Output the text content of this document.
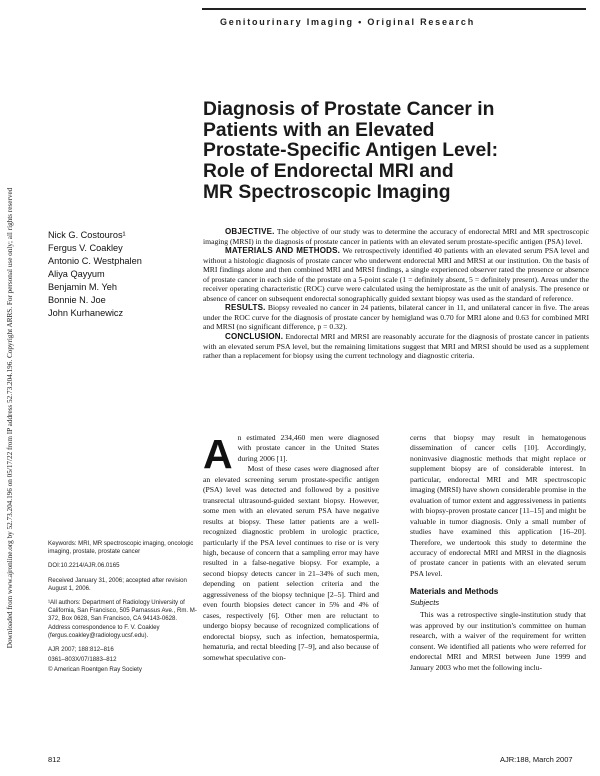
Genitourinary Imaging • Original Research
Downloaded from www.ajronline.org by 52.73.204.196 on 05/17/22 from IP address 52.73.204.196. Copyright ARRS. For personal use only; all rights reserved
Diagnosis of Prostate Cancer in
Patients with an Elevated
Prostate-Specific Antigen Level:
Role of Endorectal MRI and
MR Spectroscopic Imaging
Nick G. Costouros¹
Fergus V. Coakley
Antonio C. Westphalen
Aliya Qayyum
Benjamin M. Yeh
Bonnie N. Joe
John Kurhanewicz

OBJECTIVE. The objective of our study was to determine the accuracy of endorectal MRI and MR spectroscopic imaging (MRSI) in the diagnosis of prostate cancer in patients with an elevated serum prostate-specific antigen (PSA) level.

MATERIALS AND METHODS. We retrospectively identified 40 patients with an elevated serum PSA level and without a histologic diagnosis of prostate cancer who underwent endorectal MRI and MRSI at our institution. On the basis of MRI findings alone and then combined MRI and MRSI findings, a single experienced observer rated the presence or absence of prostate cancer in each side of the prostate on a 5-point scale (1 = definitely absent, 5 = definitely present). Areas under the receiver operating characteristic (ROC) curve were calculated using the hemiprostate as the unit of analysis. The presence or absence of cancer on subsequent endorectal sonographically guided sextant biopsy was used as the standard of reference.

RESULTS. Biopsy revealed no cancer in 24 patients, bilateral cancer in 11, and unilateral cancer in five. The areas under the ROC curve for the diagnosis of prostate cancer by hemigland was 0.70 for MRI alone and 0.63 for combined MRI and MRSI (no significant difference, p = 0.32).

CONCLUSION. Endorectal MRI and MRSI are reasonably accurate for the diagnosis of prostate cancer in patients with an elevated serum PSA level, but the remaining limitations suggest that MRI and MRSI should be used as a supplement rather than a replacement for biopsy using the current technology and diagnostic criteria.

Keywords: MRI, MR spectroscopic imaging, oncologic imaging, prostate, prostate cancer

DOI:10.2214/AJR.06.0165

Received January 31, 2006; accepted after revision August 1, 2006.

¹All authors: Department of Radiology University of California, San Francisco, 505 Parnassus Ave., Rm. M-372, Box 0628, San Francisco, CA 94143-0628. Address correspondence to F. V. Coakley (fergus.coakley@radiology.ucsf.edu).

AJR 2007; 188:812–816

0361–803X/07/1883–812

© American Roentgen Ray Society

An estimated 234,460 men were diagnosed with prostate cancer in the United States during 2006 [1].

Most of these cases were diagnosed after an elevated screening serum prostate-specific antigen (PSA) level was detected and followed by a positive transrectal ultrasound-guided sextant biopsy. However, some men with an elevated serum PSA have negative results at biopsy. These latter patients are a well-recognized diagnostic problem in urologic practice, particularly if the PSA level continues to rise or is very high, because of concern that a sampling error may have resulted in a false-negative biopsy. For example, a second biopsy detects cancer in 21–34% of such men, depending on patient selection criteria and the aggressiveness of the biopsy technique [2–5]. Third and even fourth biopsies detect cancer in 5% and 4% of cases, respectively [6]. Other men are reluctant to undergo biopsy because of recognized complications of endorectal biopsy, such as infection, hematospermia, hematuria, and rectal bleeding [7–9], and also because of somewhat speculative con-

cerns that biopsy may result in hematogenous dissemination of cancer cells [10]. Accordingly, noninvasive diagnostic methods that might replace or supplement biopsy are of considerable interest. In particular, endorectal MRI and MR spectroscopic imaging (MRSI) have shown considerable promise in the evaluation of tumor extent and aggressiveness in patients with biopsy-proven prostate cancer [11–15] and might be valuable in tumor diagnosis. Only a small number of studies have examined this application [16–20]. Therefore, we undertook this study to determine the accuracy of endorectal MRI and MRSI in the diagnosis of prostate cancer in patients with an elevated serum PSA level.

Materials and Methods

Subjects

This was a retrospective single-institution study that was approved by our institution's committee on human research, with a waiver of the requirement for written consent. We identified all patients who were referred for endorectal MRI and MRSI between June 1999 and January 2003 who met the following inclu-

812	AJR:188, March 2007
